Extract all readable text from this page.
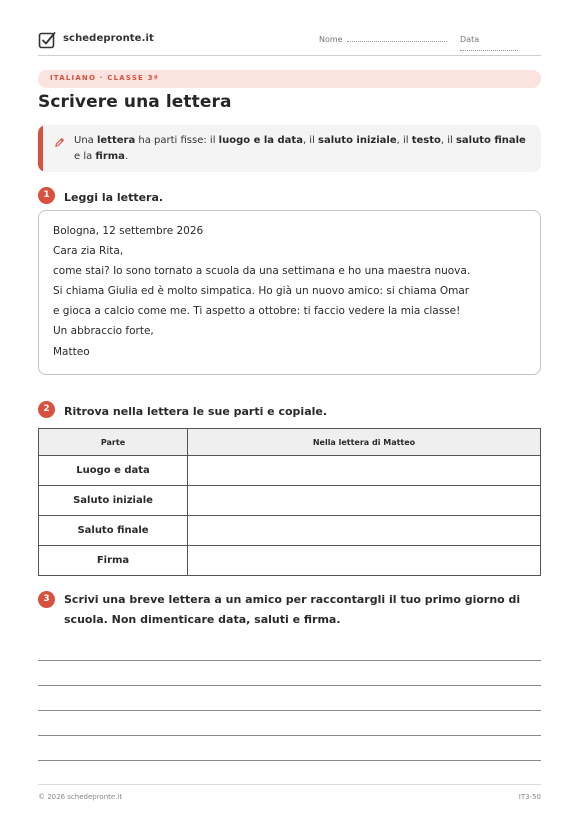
schedepronte.it	Nome	Data
ITALIANO · CLASSE 3ª
Scrivere una lettera
Una lettera ha parti fisse: il luogo e la data, il saluto iniziale, il testo, il saluto finale e la firma.
1	Leggi la lettera.
Bologna, 12 settembre 2026
Cara zia Rita,
come stai? Io sono tornato a scuola da una settimana e ho una maestra nuova.
Si chiama Giulia ed è molto simpatica. Ho già un nuovo amico: si chiama Omar
e gioca a calcio come me. Ti aspetto a ottobre: ti faccio vedere la mia classe!
Un abbraccio forte,
Matteo
2	Ritrova nella lettera le sue parti e copiale.
Parte	Nella lettera di Matteo
Luogo e data	
Saluto iniziale	
Saluto finale	
Firma	
3	Scrivi una breve lettera a un amico per raccontargli il tuo primo giorno di scuola. Non dimenticare data, saluti e firma.
© 2026 schedepronte.it	IT3-50
